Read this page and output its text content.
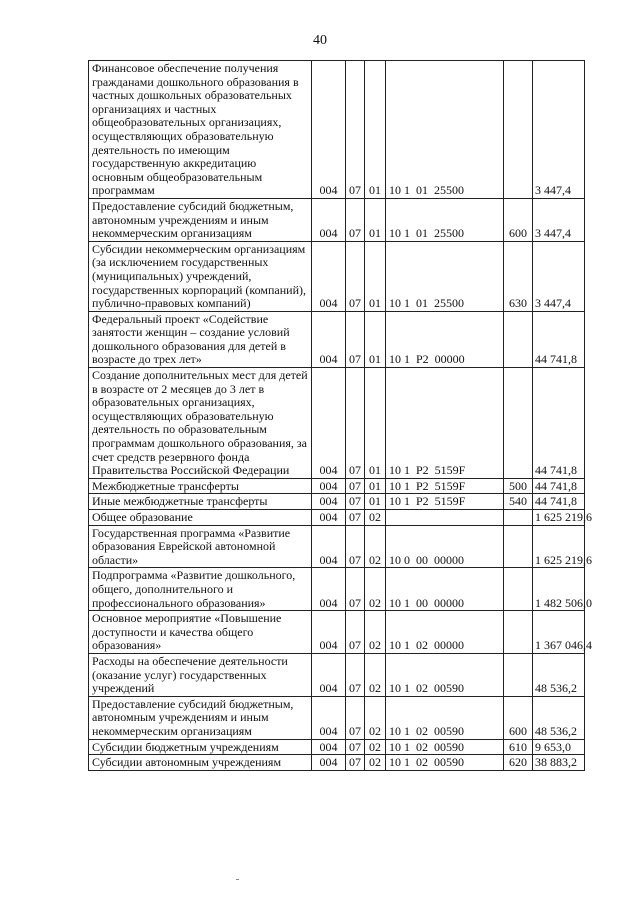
40
Финансовое обеспечение получения гражданами дошкольного образования в частных дошкольных образовательных организациях и частных общеобразовательных организациях, осуществляющих образовательную деятельность по имеющим государственную аккредитацию основным общеобразовательным программам	004	07	01	10 1  01  25500		3 447,4
Предоставление субсидий бюджетным, автономным учреждениям и иным некоммерческим организациям	004	07	01	10 1  01  25500	600	3 447,4
Субсидии некоммерческим организациям (за исключением государственных (муниципальных) учреждений, государственных корпораций (компаний), публично-правовых компаний)	004	07	01	10 1  01  25500	630	3 447,4
Федеральный проект «Содействие занятости женщин – создание условий дошкольного образования для детей в возрасте до трех лет»	004	07	01	10 1  P2  00000		44 741,8
Создание дополнительных мест для детей в возрасте от 2 месяцев до 3 лет в образовательных организациях, осуществляющих образовательную деятельность по образовательным программам дошкольного образования, за счет средств резервного фонда Правительства Российской Федерации	004	07	01	10 1  P2  5159F		44 741,8
Межбюджетные трансферты	004	07	01	10 1  P2  5159F	500	44 741,8
Иные межбюджетные трансферты	004	07	01	10 1  P2  5159F	540	44 741,8
Общее образование	004	07	02			1 625 219,6
Государственная программа «Развитие образования Еврейской автономной области»	004	07	02	10 0  00  00000		1 625 219,6
Подпрограмма «Развитие дошкольного, общего, дополнительного и профессионального образования»	004	07	02	10 1  00  00000		1 482 506,0
Основное мероприятие «Повышение доступности и качества общего образования»	004	07	02	10 1  02  00000		1 367 046,4
Расходы на обеспечение деятельности (оказание услуг) государственных учреждений	004	07	02	10 1  02  00590		48 536,2
Предоставление субсидий бюджетным, автономным учреждениям и иным некоммерческим организациям	004	07	02	10 1  02  00590	600	48 536,2
Субсидии бюджетным учреждениям	004	07	02	10 1  02  00590	610	9 653,0
Субсидии автономным учреждениям	004	07	02	10 1  02  00590	620	38 883,2
